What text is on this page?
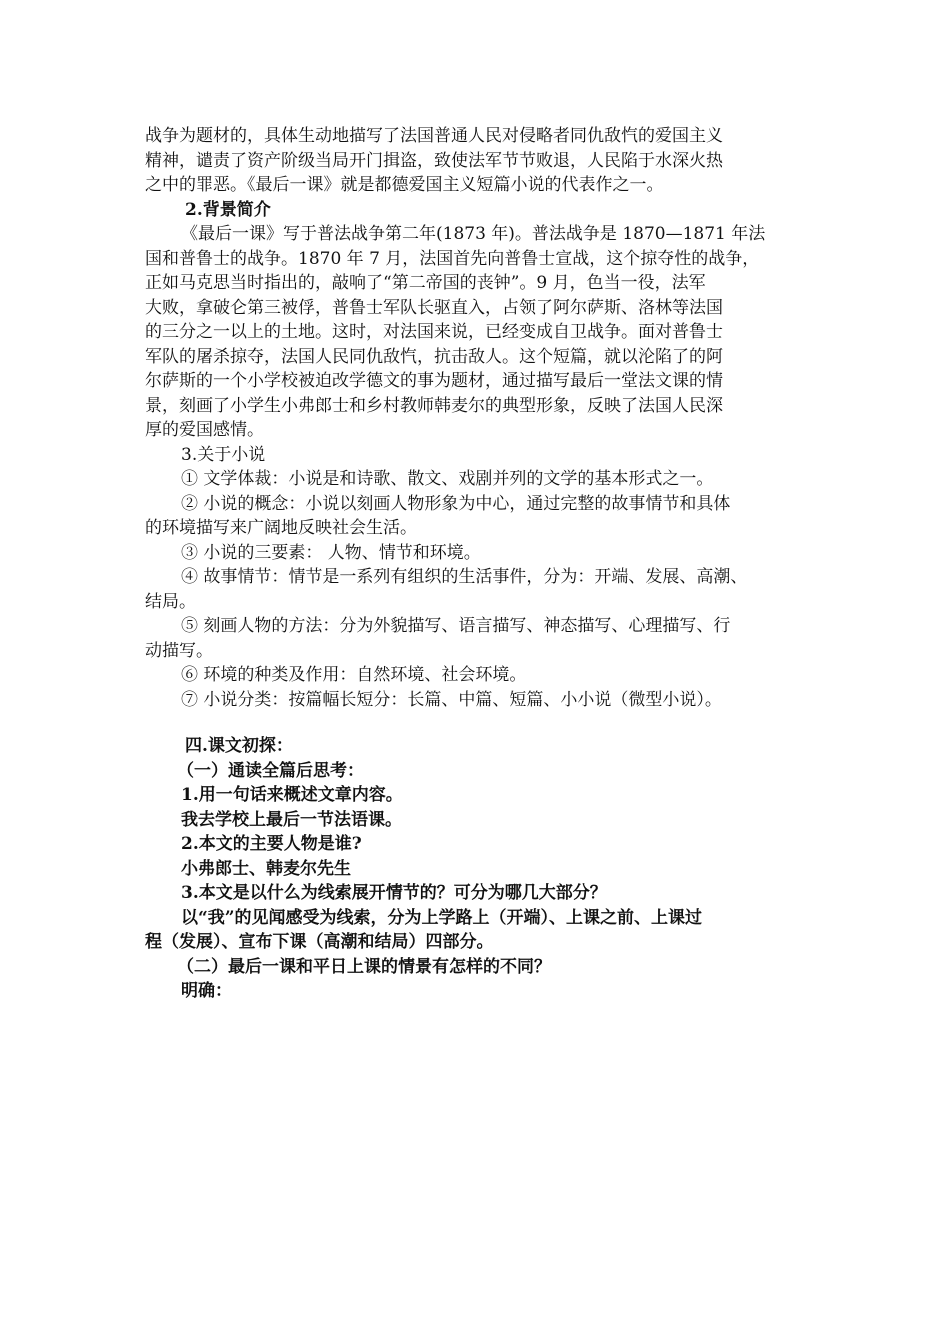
战争为题材的，具体生动地描写了法国普通人民对侵略者同仇敌忾的爱国主义
精神，谴责了资产阶级当局开门揖盗，致使法军节节败退，人民陷于水深火热
之中的罪恶。《最后一课》就是都德爱国主义短篇小说的代表作之一。
2.背景简介
《最后一课》写于普法战争第二年(1873 年)。普法战争是 1870—1871 年法
国和普鲁士的战争。1870 年 7 月，法国首先向普鲁士宣战，这个掠夺性的战争，
正如马克思当时指出的，敲响了“第二帝国的丧钟”。9 月，色当一役，法军
大败，拿破仑第三被俘，普鲁士军队长驱直入，占领了阿尔萨斯、洛林等法国
的三分之一以上的土地。这时，对法国来说，已经变成自卫战争。面对普鲁士
军队的屠杀掠夺，法国人民同仇敌忾，抗击敌人。这个短篇，就以沦陷了的阿
尔萨斯的一个小学校被迫改学德文的事为题材，通过描写最后一堂法文课的情
景，刻画了小学生小弗郎士和乡村教师韩麦尔的典型形象，反映了法国人民深
厚的爱国感情。
3.关于小说
① 文学体裁：小说是和诗歌、散文、戏剧并列的文学的基本形式之一。
② 小说的概念：小说以刻画人物形象为中心，通过完整的故事情节和具体
的环境描写来广阔地反映社会生活。
③ 小说的三要素： 人物、情节和环境。
④ 故事情节：情节是一系列有组织的生活事件，分为：开端、发展、高潮、
结局。
⑤ 刻画人物的方法：分为外貌描写、语言描写、神态描写、心理描写、行
动描写。
⑥ 环境的种类及作用：自然环境、社会环境。
⑦ 小说分类：按篇幅长短分：长篇、中篇、短篇、小小说（微型小说）。
四.课文初探：
（一）通读全篇后思考：
1.用一句话来概述文章内容。
我去学校上最后一节法语课。
2.本文的主要人物是谁?
小弗郎士、韩麦尔先生
3.本文是以什么为线索展开情节的？可分为哪几大部分？
以“我”的见闻感受为线索，分为上学路上（开端）、上课之前、上课过
程（发展）、宣布下课（高潮和结局）四部分。
（二）最后一课和平日上课的情景有怎样的不同？
明确：
